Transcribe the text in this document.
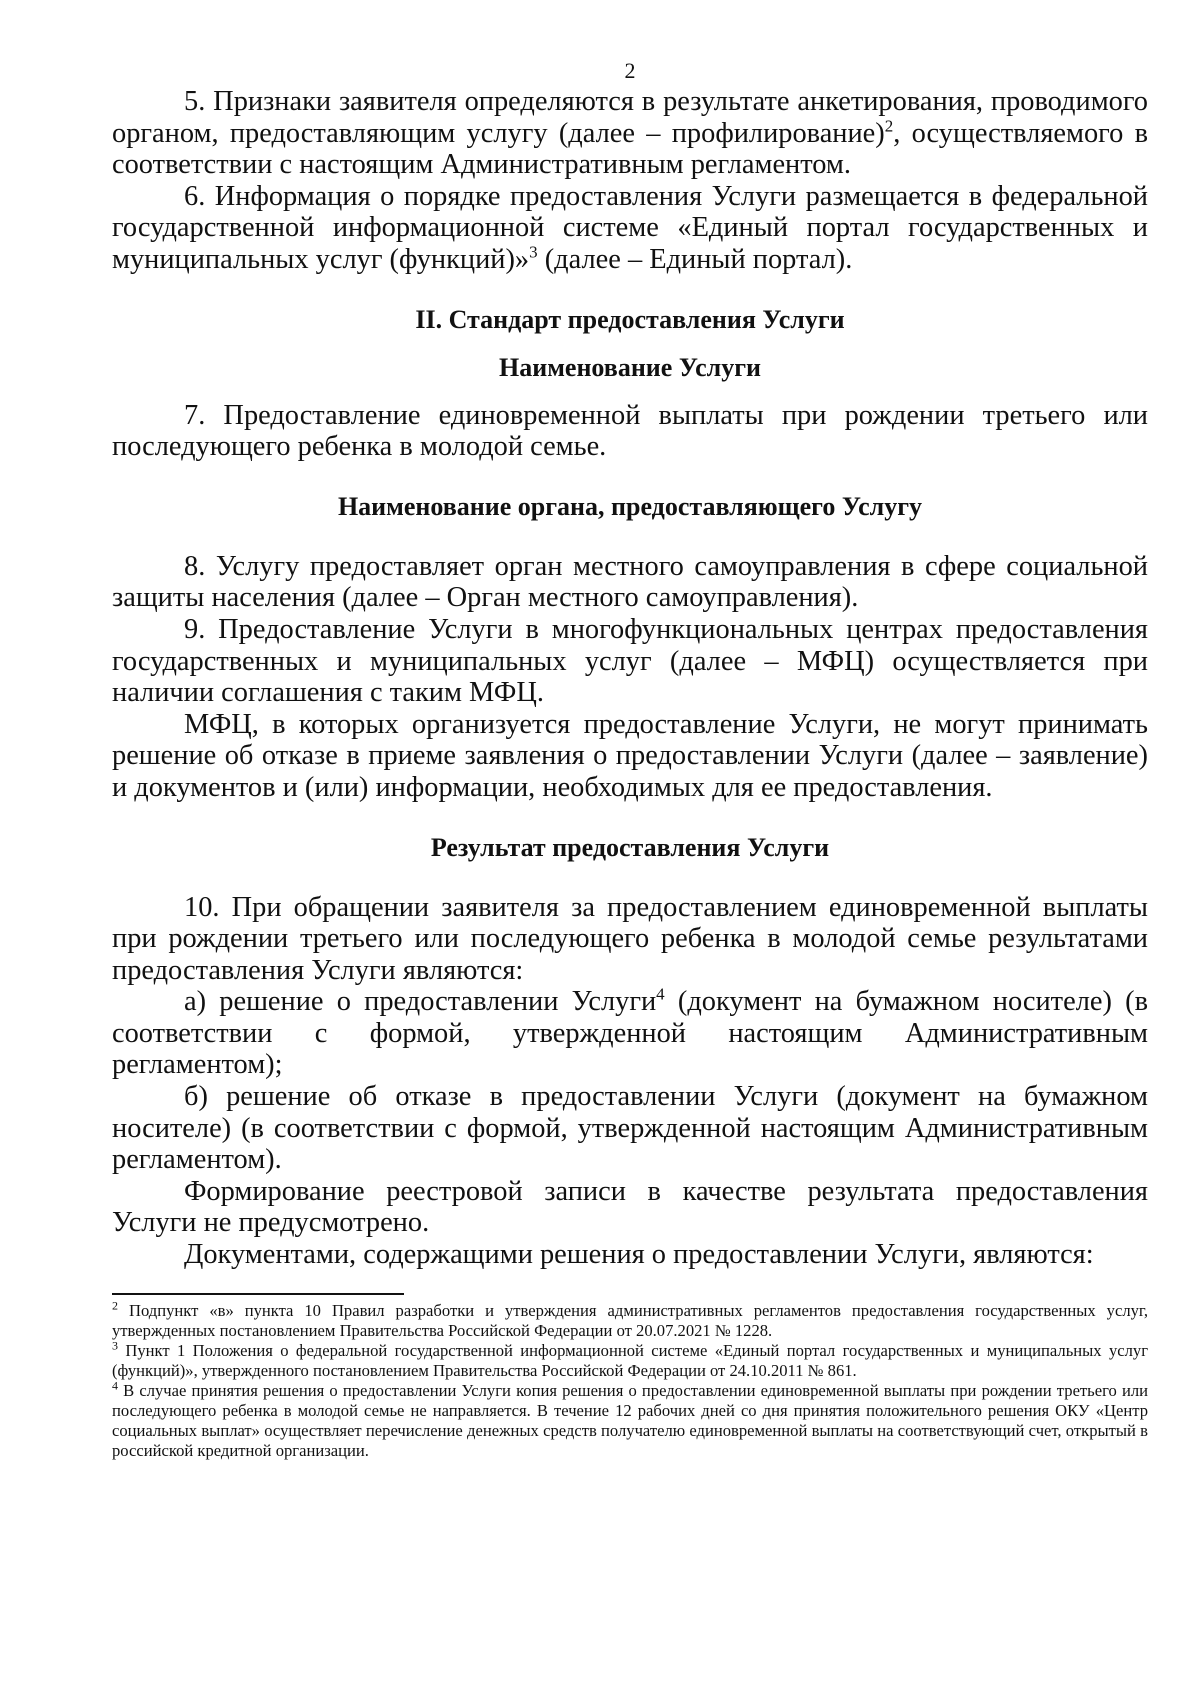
2

5. Признаки заявителя определяются в результате анкетирования, проводимого органом, предоставляющим услугу (далее – профилирование)$^2$, осуществляемого в соответствии с настоящим Административным регламентом.

6. Информация о порядке предоставления Услуги размещается в федеральной государственной информационной системе «Единый портал государственных и муниципальных услуг (функций)»$^3$ (далее – Единый портал).

II. Стандарт предоставления Услуги

Наименование Услуги

7. Предоставление единовременной выплаты при рождении третьего или последующего ребенка в молодой семье.

Наименование органа, предоставляющего Услугу

8. Услугу предоставляет орган местного самоуправления в сфере социальной защиты населения (далее – Орган местного самоуправления).

9. Предоставление Услуги в многофункциональных центрах предоставления государственных и муниципальных услуг (далее – МФЦ) осуществляется при наличии соглашения с таким МФЦ.

МФЦ, в которых организуется предоставление Услуги, не могут принимать решение об отказе в приеме заявления о предоставлении Услуги (далее – заявление) и документов и (или) информации, необходимых для ее предоставления.

Результат предоставления Услуги

10. При обращении заявителя за предоставлением единовременной выплаты при рождении третьего или последующего ребенка в молодой семье результатами предоставления Услуги являются:

а) решение о предоставлении Услуги$^4$ (документ на бумажном носителе) (в соответствии с формой, утвержденной настоящим Административным регламентом);

б) решение об отказе в предоставлении Услуги (документ на бумажном носителе) (в соответствии с формой, утвержденной настоящим Административным регламентом).

Формирование реестровой записи в качестве результата предоставления Услуги не предусмотрено.

Документами, содержащими решения о предоставлении Услуги, являются:

$^2$ Подпункт «в» пункта 10 Правил разработки и утверждения административных регламентов предоставления государственных услуг, утвержденных постановлением Правительства Российской Федерации от 20.07.2021 № 1228.

$^3$ Пункт 1 Положения о федеральной государственной информационной системе «Единый портал государственных и муниципальных услуг (функций)», утвержденного постановлением Правительства Российской Федерации от 24.10.2011 № 861.

$^4$ В случае принятия решения о предоставлении Услуги копия решения о предоставлении единовременной выплаты при рождении третьего или последующего ребенка в молодой семье не направляется. В течение 12 рабочих дней со дня принятия положительного решения ОКУ «Центр социальных выплат» осуществляет перечисление денежных средств получателю единовременной выплаты на соответствующий счет, открытый в российской кредитной организации.
